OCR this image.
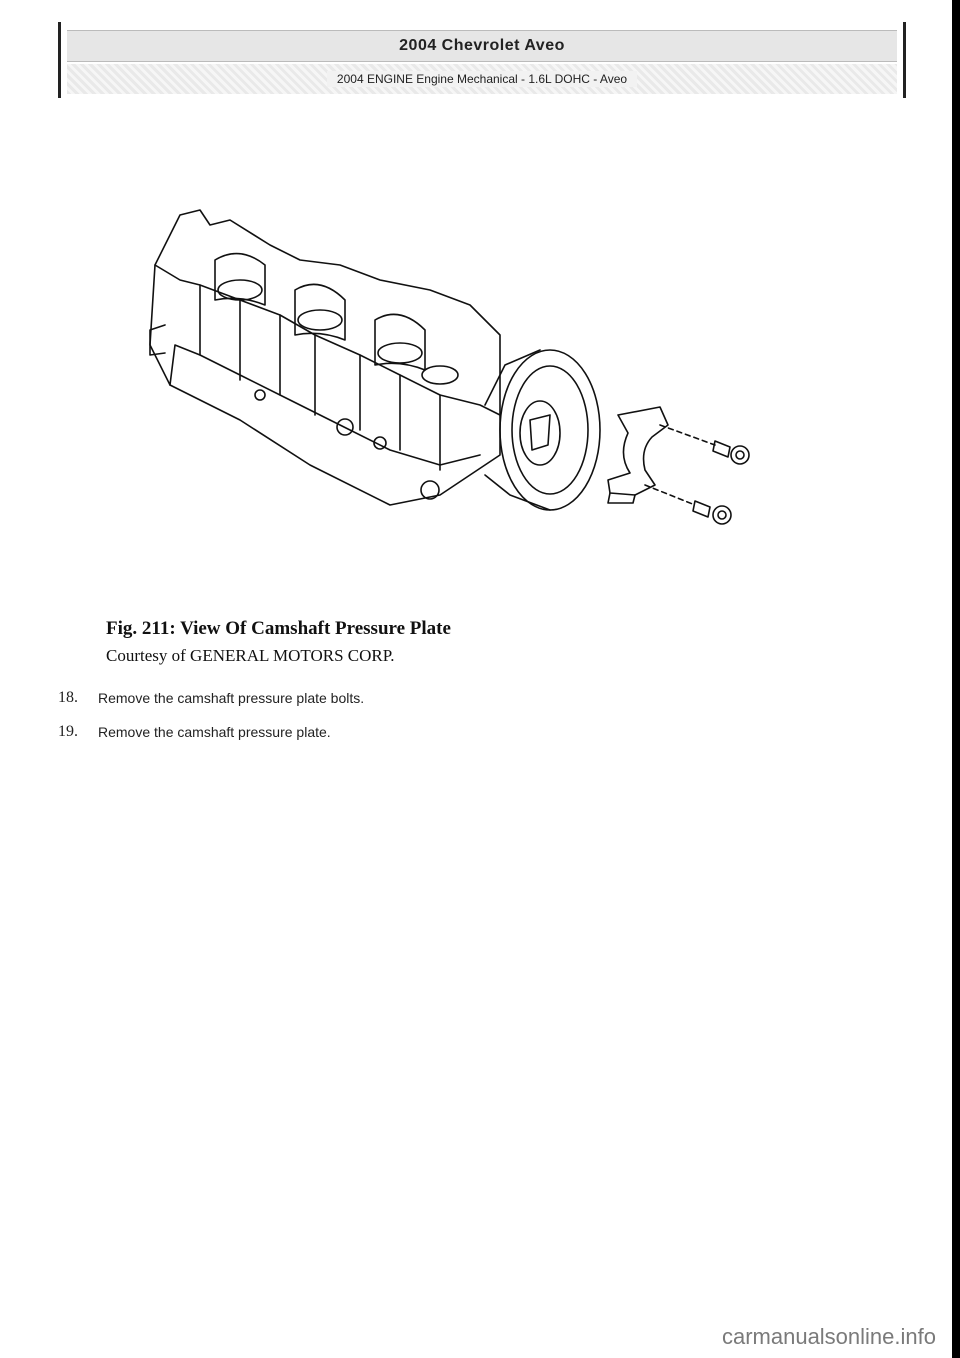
2004 Chevrolet Aveo
2004 ENGINE Engine Mechanical - 1.6L DOHC - Aveo

Fig. 211: View Of Camshaft Pressure Plate

Courtesy of GENERAL MOTORS CORP.

18.	Remove the camshaft pressure plate bolts.
19.	Remove the camshaft pressure plate.
carmanualsonline.info
